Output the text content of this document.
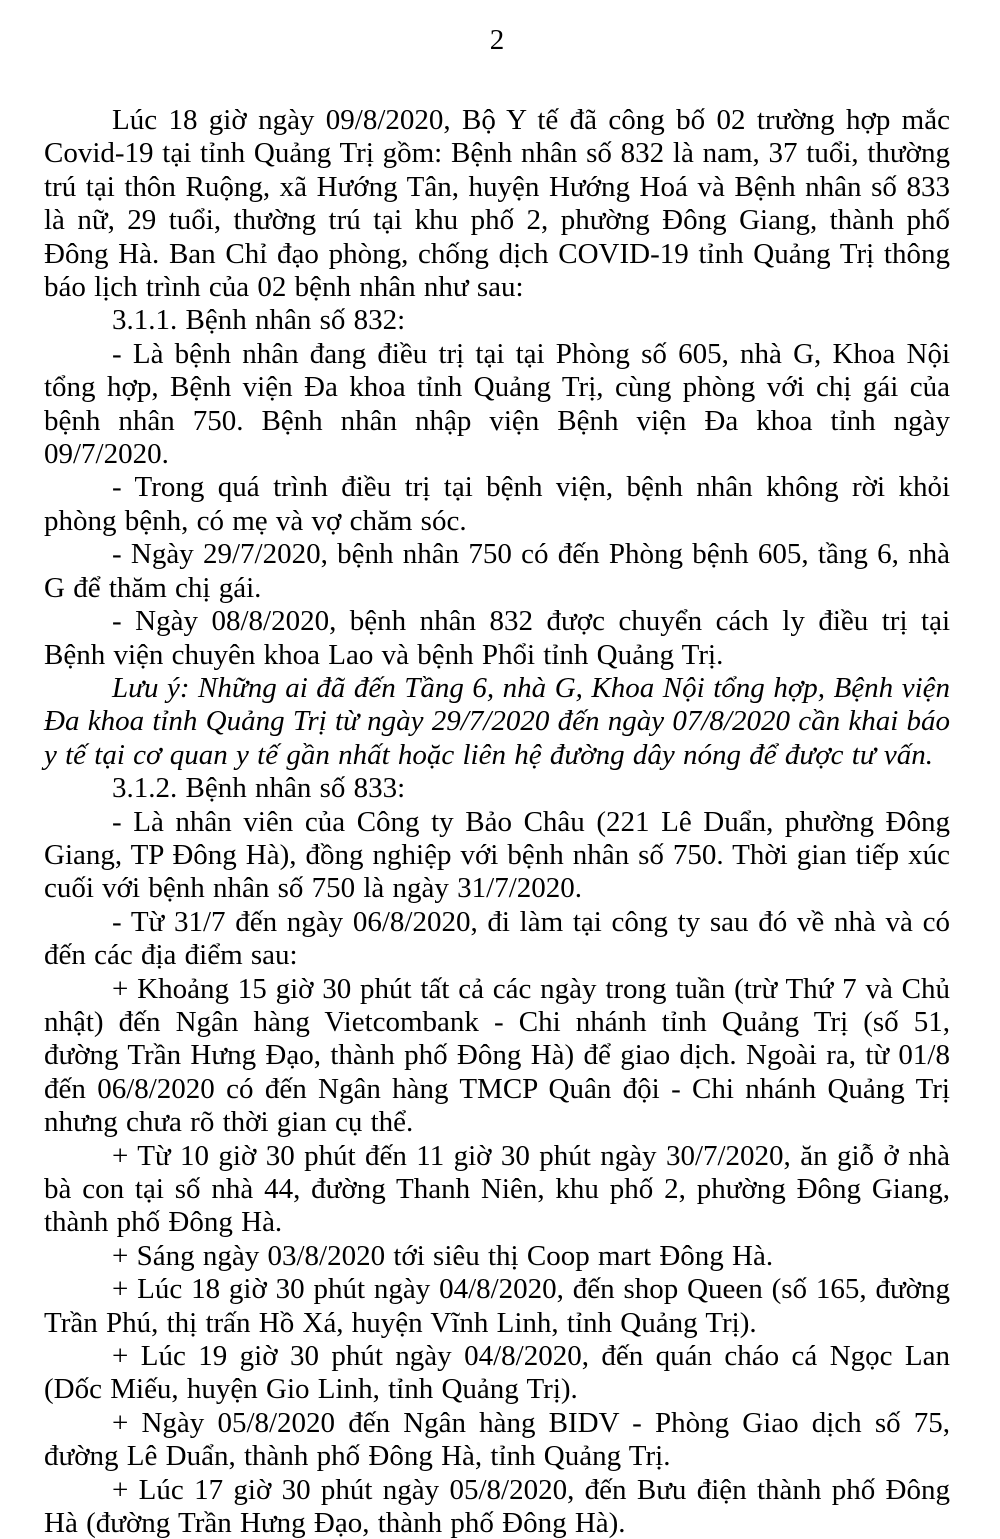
2

Lúc 18 giờ ngày 09/8/2020, Bộ Y tế đã công bố 02 trường hợp mắc Covid-19 tại tỉnh Quảng Trị gồm: Bệnh nhân số 832 là nam, 37 tuổi, thường trú tại thôn Ruộng, xã Hướng Tân, huyện Hướng Hoá và Bệnh nhân số 833 là nữ, 29 tuổi, thường trú tại khu phố 2, phường Đông Giang, thành phố Đông Hà. Ban Chỉ đạo phòng, chống dịch COVID-19 tỉnh Quảng Trị thông báo lịch trình của 02 bệnh nhân như sau:

3.1.1. Bệnh nhân số 832:

- Là bệnh nhân đang điều trị tại tại Phòng số 605, nhà G, Khoa Nội tổng hợp, Bệnh viện Đa khoa tỉnh Quảng Trị, cùng phòng với chị gái của bệnh nhân 750. Bệnh nhân nhập viện Bệnh viện Đa khoa tỉnh ngày 09/7/2020.

- Trong quá trình điều trị tại bệnh viện, bệnh nhân không rời khỏi phòng bệnh, có mẹ và vợ chăm sóc.

- Ngày 29/7/2020, bệnh nhân 750 có đến Phòng bệnh 605, tầng 6, nhà G để thăm chị gái.

- Ngày 08/8/2020, bệnh nhân 832 được chuyển cách ly điều trị tại Bệnh viện chuyên khoa Lao và bệnh Phổi tỉnh Quảng Trị.

Lưu ý: Những ai đã đến Tầng 6, nhà G, Khoa Nội tổng hợp, Bệnh viện Đa khoa tỉnh Quảng Trị từ ngày 29/7/2020 đến ngày 07/8/2020 cần khai báo y tế tại cơ quan y tế gần nhất hoặc liên hệ đường dây nóng để được tư vấn.

3.1.2. Bệnh nhân số 833:

- Là nhân viên của Công ty Bảo Châu (221 Lê Duẩn, phường Đông Giang, TP Đông Hà), đồng nghiệp với bệnh nhân số 750. Thời gian tiếp xúc cuối với bệnh nhân số 750 là ngày 31/7/2020.

- Từ 31/7 đến ngày 06/8/2020, đi làm tại công ty sau đó về nhà và có đến các địa điểm sau:

+ Khoảng 15 giờ 30 phút tất cả các ngày trong tuần (trừ Thứ 7 và Chủ nhật) đến Ngân hàng Vietcombank - Chi nhánh tỉnh Quảng Trị (số 51, đường Trần Hưng Đạo, thành phố Đông Hà) để giao dịch. Ngoài ra, từ 01/8 đến 06/8/2020 có đến Ngân hàng TMCP Quân đội - Chi nhánh Quảng Trị nhưng chưa rõ thời gian cụ thể.

+ Từ 10 giờ 30 phút đến 11 giờ 30 phút ngày 30/7/2020, ăn giỗ ở nhà bà con tại số nhà 44, đường Thanh Niên, khu phố 2, phường Đông Giang, thành phố Đông Hà.

+ Sáng ngày 03/8/2020 tới siêu thị Coop mart Đông Hà.

+ Lúc 18 giờ 30 phút ngày 04/8/2020, đến shop Queen (số 165, đường Trần Phú, thị trấn Hồ Xá, huyện Vĩnh Linh, tỉnh Quảng Trị).

+ Lúc 19 giờ 30 phút ngày 04/8/2020, đến quán cháo cá Ngọc Lan (Dốc Miếu, huyện Gio Linh, tỉnh Quảng Trị).

+ Ngày 05/8/2020 đến Ngân hàng BIDV - Phòng Giao dịch số 75, đường Lê Duẩn, thành phố Đông Hà, tỉnh Quảng Trị.

+ Lúc 17 giờ 30 phút ngày 05/8/2020, đến Bưu điện thành phố Đông Hà (đường Trần Hưng Đạo, thành phố Đông Hà).
